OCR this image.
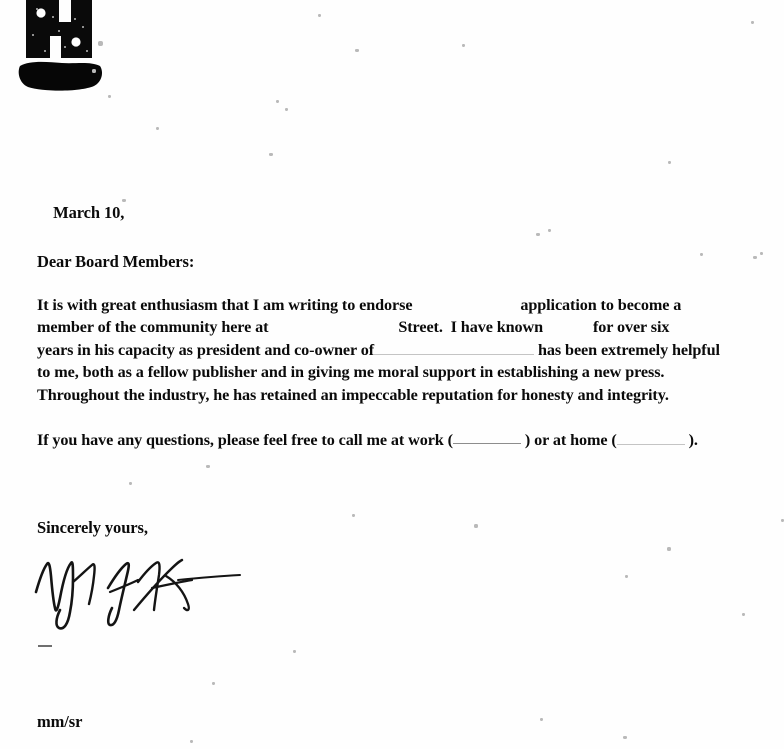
March 10,

Dear Board Members:
It is with great enthusiasm that I am writing to endorse	application to become a
member of the community here at	Street.  I have known	for over six
years in his capacity as president and co-owner of	has been extremely helpful
to me, both as a fellow publisher and in giving me moral support in establishing a new press.
Throughout the industry, he has retained an impeccable reputation for honesty and integrity.
If you have any questions, please feel free to call me at work (	) or at home (	).
Sincerely yours,
mm/sr
